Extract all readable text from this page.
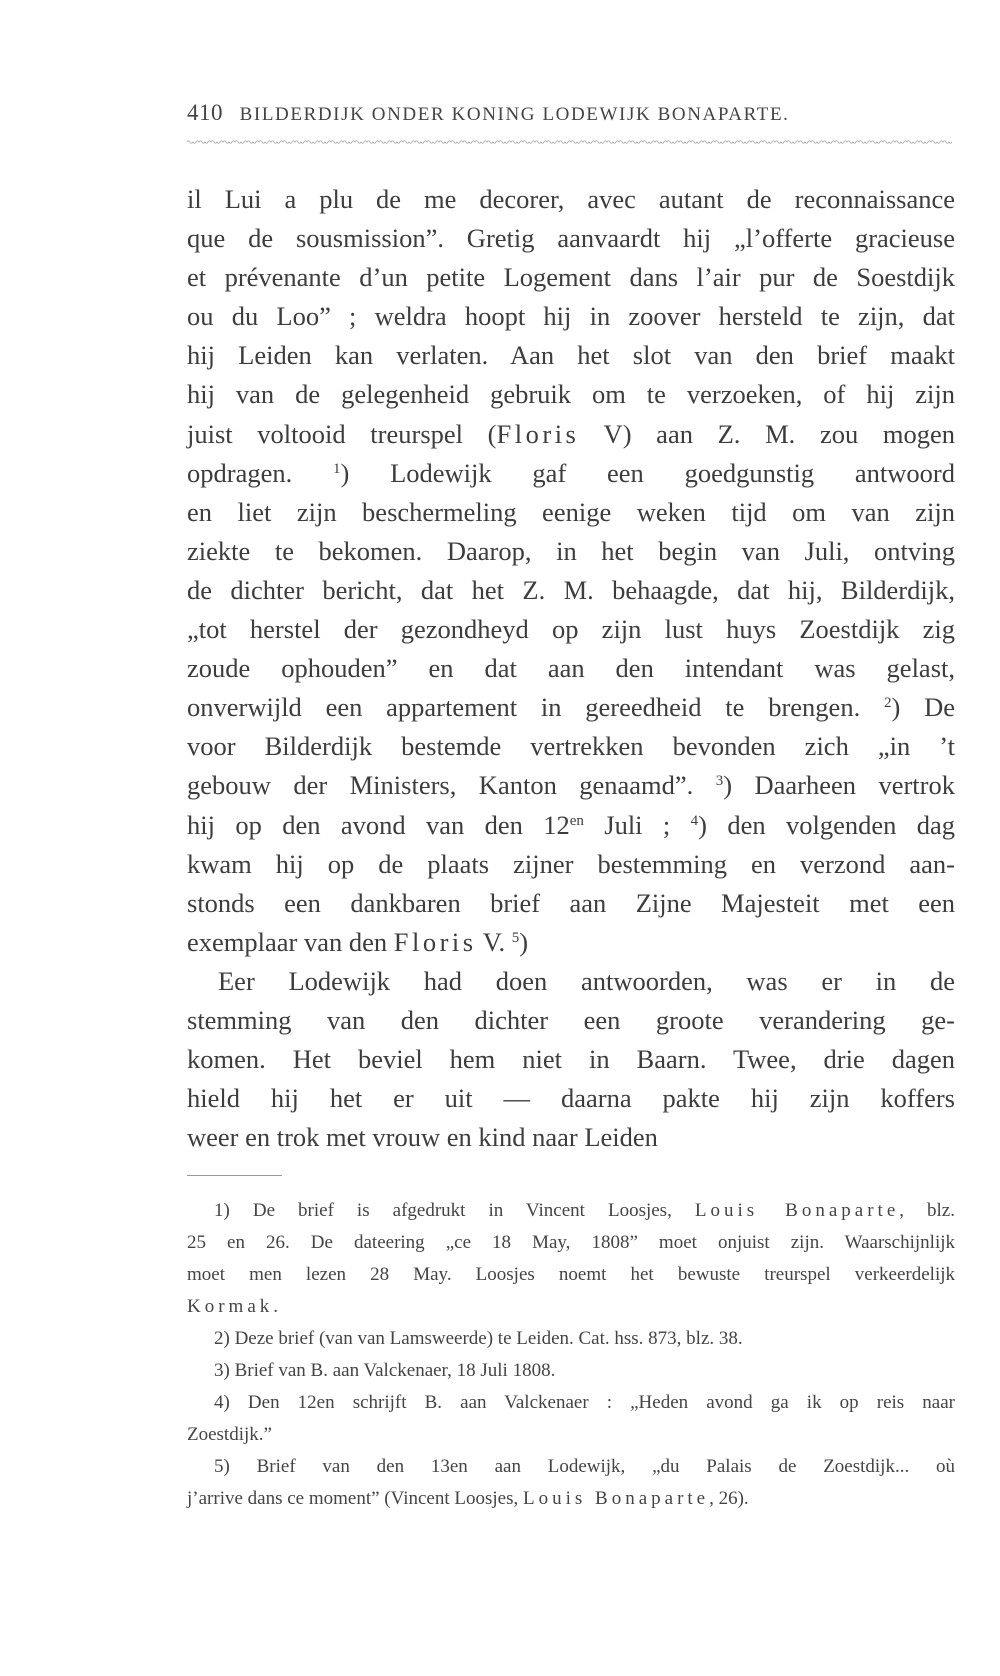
410 BILDERDIJK ONDER KONING LODEWIJK BONAPARTE.
il Lui a plu de me decorer, avec autant de reconnaissance
que de sousmission”. Gretig aanvaardt hij „l’offerte gracieuse
et prévenante d’un petite Logement dans l’air pur de Soestdijk
ou du Loo” ; weldra hoopt hij in zoover hersteld te zijn, dat
hij Leiden kan verlaten. Aan het slot van den brief maakt
hij van de gelegenheid gebruik om te verzoeken, of hij zijn
juist voltooid treurspel (Floris V) aan Z. M. zou mogen
opdragen. $^1$) Lodewijk gaf een goedgunstig antwoord
en liet zijn beschermeling eenige weken tijd om van zijn
ziekte te bekomen. Daarop, in het begin van Juli, ontving
de dichter bericht, dat het Z. M. behaagde, dat hij, Bilderdijk,
„tot herstel der gezondheyd op zijn lust huys Zoestdijk zig
zoude ophouden” en dat aan den intendant was gelast,
onverwijld een appartement in gereedheid te brengen. $^2$) De
voor Bilderdijk bestemde vertrekken bevonden zich „in ’t
gebouw der Ministers, Kanton genaamd”. $^3$) Daarheen vertrok
hij op den avond van den $12^{en}$ Juli ; $^4$) den volgenden dag
kwam hij op de plaats zijner bestemming en verzond aan-
stonds een dankbaren brief aan Zijne Majesteit met een
exemplaar van den Floris V. $^5$)
Eer Lodewijk had doen antwoorden, was er in de
stemming van den dichter een groote verandering ge-
komen. Het beviel hem niet in Baarn. Twee, drie dagen
hield hij het er uit — daarna pakte hij zijn koffers
weer en trok met vrouw en kind naar Leiden
1) De brief is afgedrukt in Vincent Loosjes, Louis Bonaparte, blz.
25 en 26. De dateering „ce 18 May, 1808” moet onjuist zijn. Waarschijnlijk
moet men lezen 28 May. Loosjes noemt het bewuste treurspel verkeerdelijk
Kormak.
2) Deze brief (van van Lamsweerde) te Leiden. Cat. hss. 873, blz. 38.
3) Brief van B. aan Valckenaer, 18 Juli 1808.
4) Den 12en schrijft B. aan Valckenaer : „Heden avond ga ik op reis naar
Zoestdijk.”
5) Brief van den 13en aan Lodewijk, „du Palais de Zoestdijk... où
j’arrive dans ce moment” (Vincent Loosjes, Louis Bonaparte, 26).
